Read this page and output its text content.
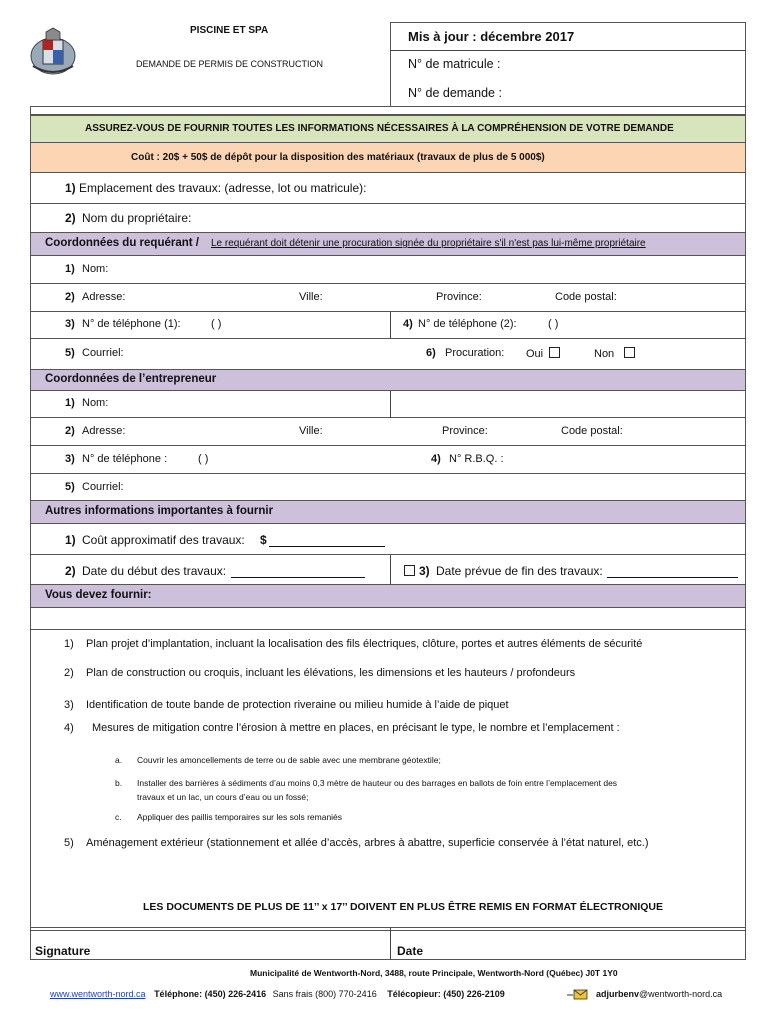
PISCINE ET SPA
DEMANDE DE PERMIS DE CONSTRUCTION
Mis à jour : décembre 2017
N° de matricule :
N° de demande :
ASSUREZ-VOUS DE FOURNIR TOUTES LES INFORMATIONS NÉCESSAIRES À LA COMPRÉHENSION DE VOTRE DEMANDE
Coût : 20$ + 50$ de dépôt pour la disposition des matériaux (travaux de plus de 5 000$)
1) Emplacement des travaux: (adresse, lot ou matricule):
2) Nom du propriétaire:
Coordonnées du requérant / Le requérant doit détenir une procuration signée du propriétaire s'il n'est pas lui-même propriétaire
1) Nom:
2) Adresse:	Ville:	Province:	Code postal:
3) N° de téléphone (1):	( )	4) N° de téléphone (2):	( )
5) Courriel:	6) Procuration: Oui	Non
Coordonnées de l’entrepreneur
1) Nom:
2) Adresse:	Ville:	Province:	Code postal:
3) N° de téléphone :	( )	4) N° R.B.Q. :
5) Courriel:
Autres informations importantes à fournir
1) Coût approximatif des travaux: $
2) Date du début des travaux:	3) Date prévue de fin des travaux:
Vous devez fournir:
1) Plan projet d’implantation, incluant la localisation des fils électriques, clôture, portes et autres éléments de sécurité
2) Plan de construction ou croquis, incluant les élévations, les dimensions et les hauteurs / profondeurs
3) Identification de toute bande de protection riveraine ou milieu humide à l’aide de piquet
4) Mesures de mitigation contre l’érosion à mettre en places, en précisant le type, le nombre et l’emplacement :
a. Couvrir les amoncellements de terre ou de sable avec une membrane géotextile;
b. Installer des barrières à sédiments d’au moins 0,3 mètre de hauteur ou des barrages en ballots de foin entre l’emplacement des
travaux et un lac, un cours d’eau ou un fossé;
c. Appliquer des paillis temporaires sur les sols remaniés
5) Aménagement extérieur (stationnement et allée d’accès, arbres à abattre, superficie conservée à l’état naturel, etc.)
LES DOCUMENTS DE PLUS DE 11’’ x 17’’ DOIVENT EN PLUS ÊTRE REMIS EN FORMAT ÉLECTRONIQUE
Signature	Date
Municipalité de Wentworth-Nord, 3488, route Principale, Wentworth-Nord (Québec) J0T 1Y0
www.wentworth-nord.ca Téléphone: (450) 226-2416 Sans frais (800) 770-2416 Télécopieur: (450) 226-2109	adjurbenv@wentworth-nord.ca
